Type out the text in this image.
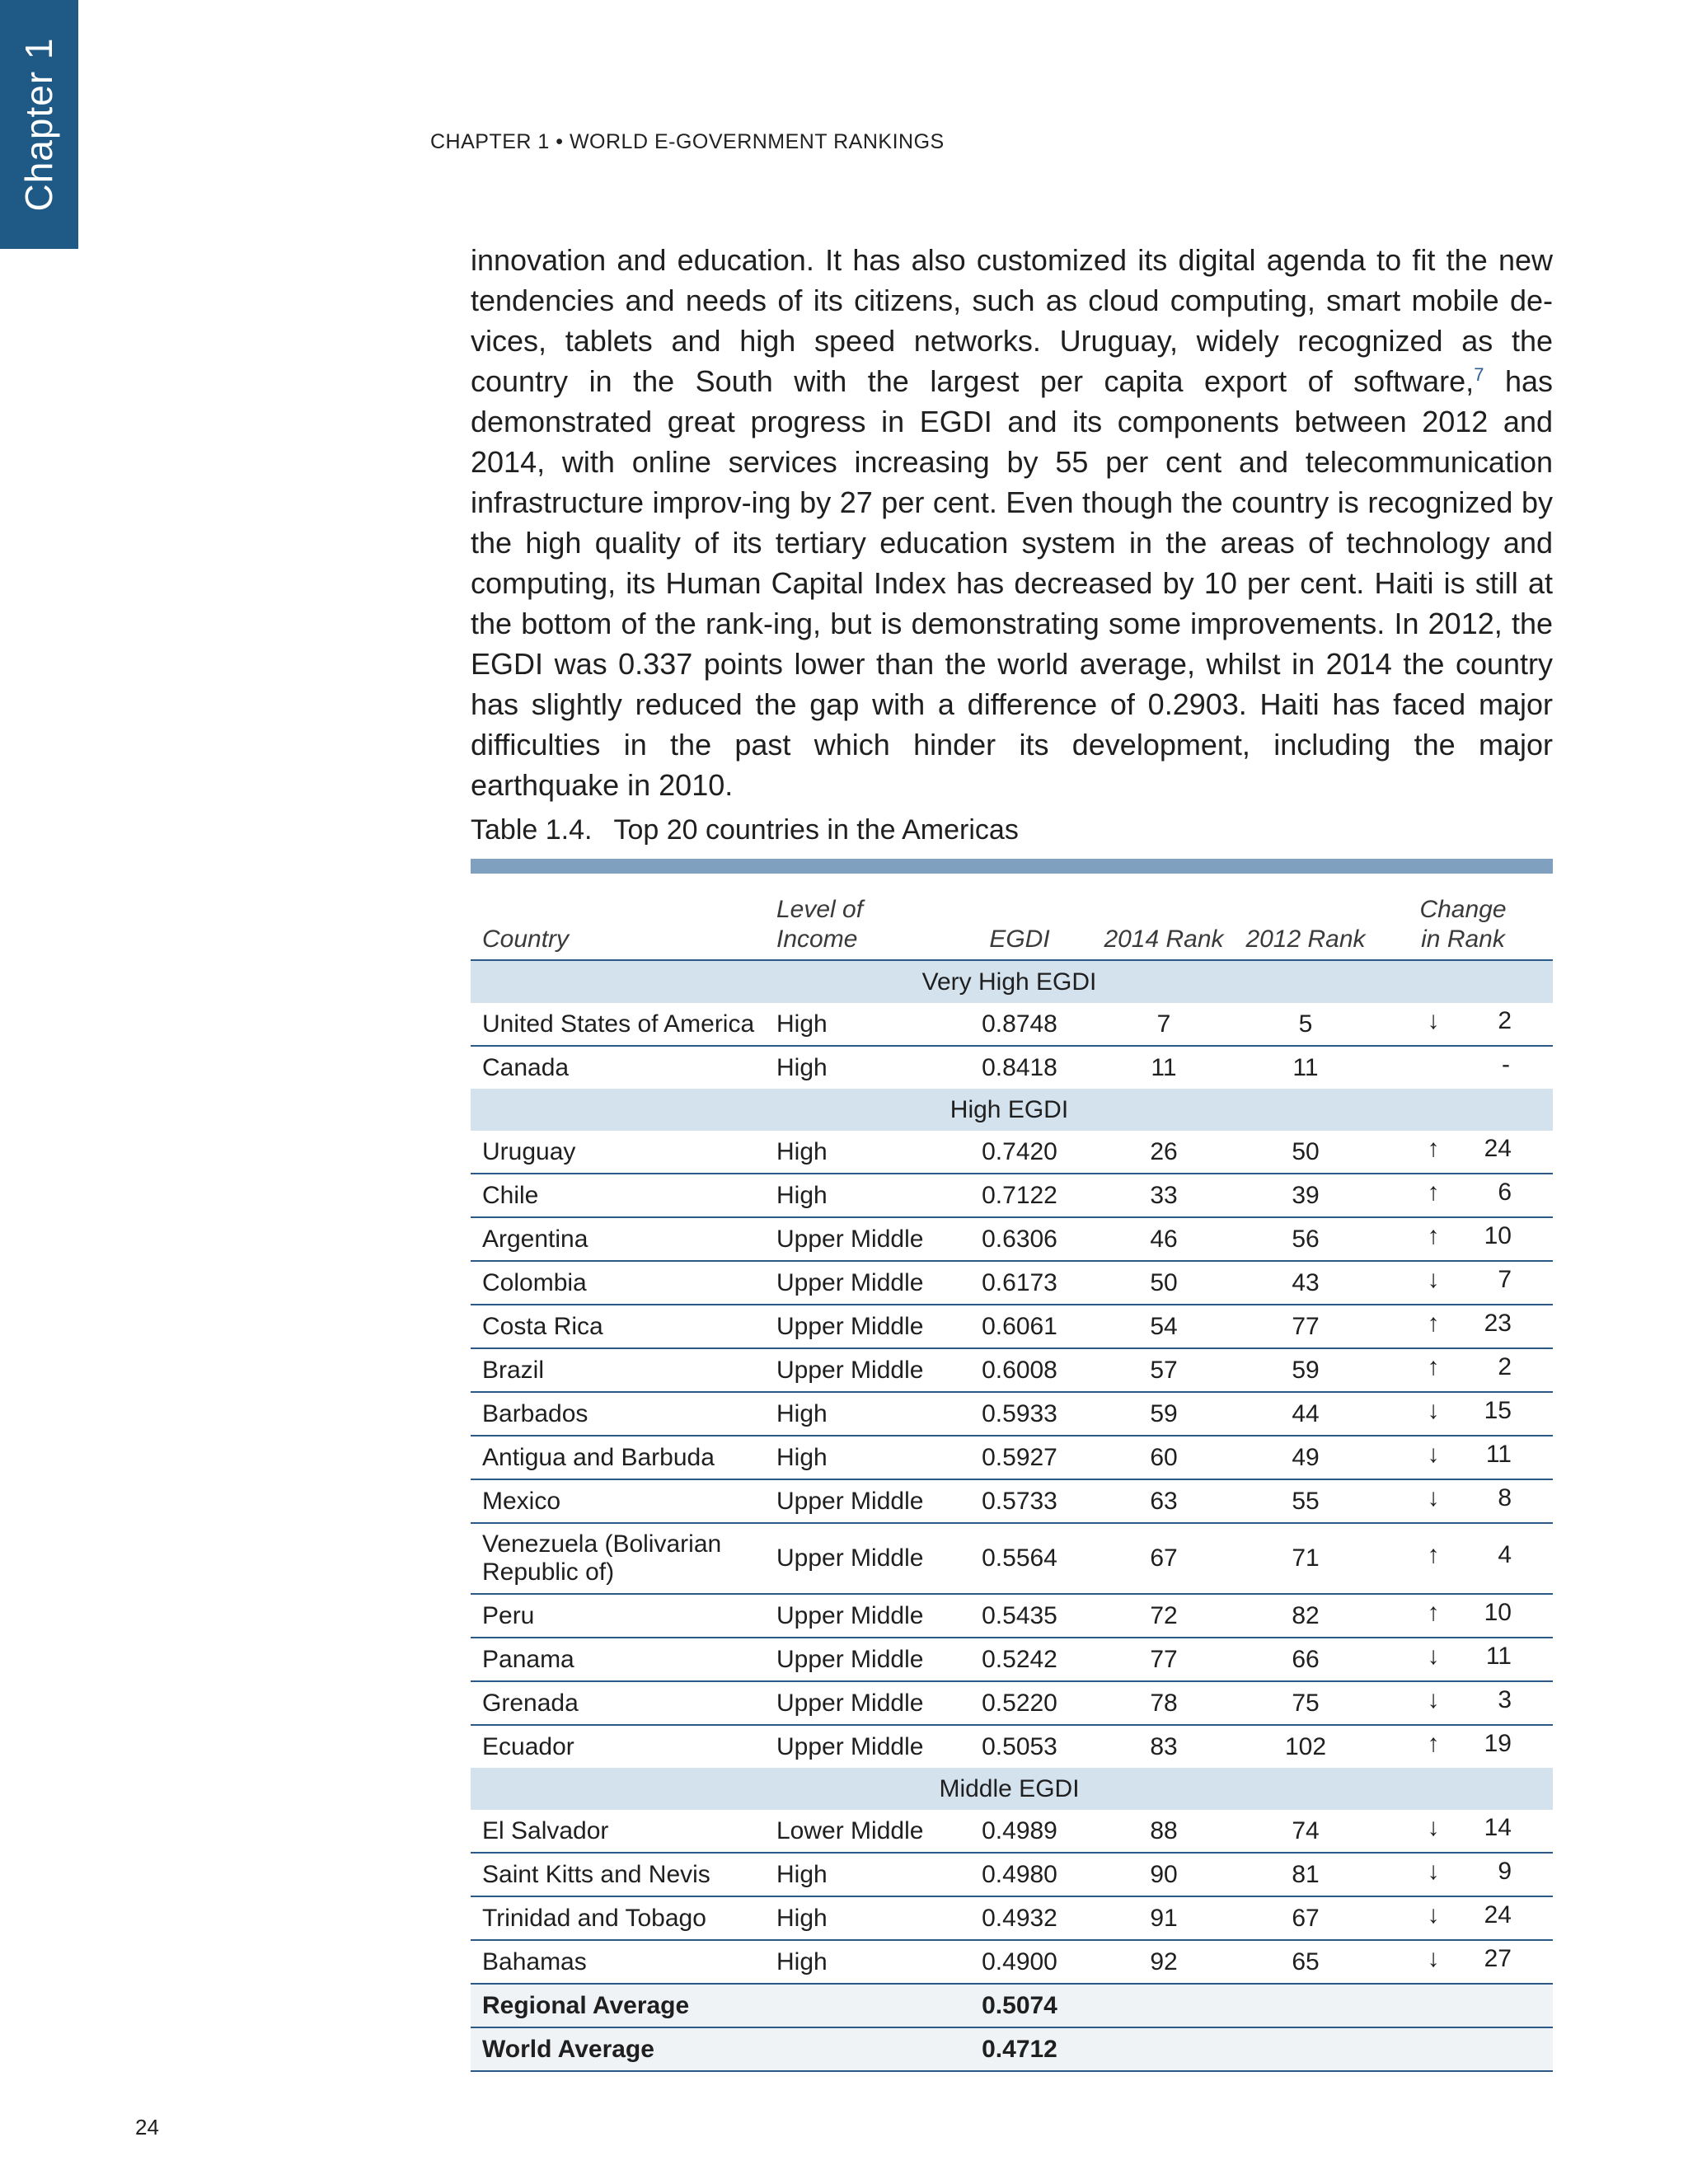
Chapter 1	CHAPTER 1 • WORLD E-GOVERNMENT RANKINGS

innovation and education. It has also customized its digital agenda to fit the new tendencies and needs of its citizens, such as cloud computing, smart mobile de-vices, tablets and high speed networks. Uruguay, widely recognized as the country in the South with the largest per capita export of software,$^7$ has demonstrated great progress in EGDI and its components between 2012 and 2014, with online services increasing by 55 per cent and telecommunication infrastructure improv-ing by 27 per cent. Even though the country is recognized by the high quality of its tertiary education system in the areas of technology and computing, its Human Capital Index has decreased by 10 per cent. Haiti is still at the bottom of the rank-ing, but is demonstrating some improvements. In 2012, the EGDI was 0.337 points lower than the world average, whilst in 2014 the country has slightly reduced the gap with a difference of 0.2903. Haiti has faced major difficulties in the past which hinder its development, including the major earthquake in 2010.

Table 1.4. Top 20 countries in the Americas
Country	Level of Income	EGDI	2014 Rank	2012 Rank	Change
in Rank
Very High EGDI					
United States of America	High	0.8748	7	5	↓ 2

Canada	High	0.8418	11	11	-

High EGDI					
Uruguay	High	0.7420	26	50	↑ 24

Chile	High	0.7122	33	39	↑ 6

Argentina	Upper Middle	0.6306	46	56	↑ 10

Colombia	Upper Middle	0.6173	50	43	↓ 7

Costa Rica	Upper Middle	0.6061	54	77	↑ 23

Brazil	Upper Middle	0.6008	57	59	↑ 2

Barbados	High	0.5933	59	44	↓ 15

Antigua and Barbuda	High	0.5927	60	49	↓ 11

Mexico	Upper Middle	0.5733	63	55	↓ 8

Venezuela (Bolivarian Republic of)	Upper Middle	0.5564	67	71	↑ 4

Peru	Upper Middle	0.5435	72	82	↑ 10

Panama	Upper Middle	0.5242	77	66	↓ 11

Grenada	Upper Middle	0.5220	78	75	↓ 3

Ecuador	Upper Middle	0.5053	83	102	↑ 19

Middle EGDI					
El Salvador	Lower Middle	0.4989	88	74	↓ 14

Saint Kitts and Nevis	High	0.4980	90	81	↓ 9

Trinidad and Tobago	High	0.4932	91	67	↓ 24

Bahamas	High	0.4900	92	65	↓ 27

Regional Average		0.5074			
World Average		0.4712			
24
